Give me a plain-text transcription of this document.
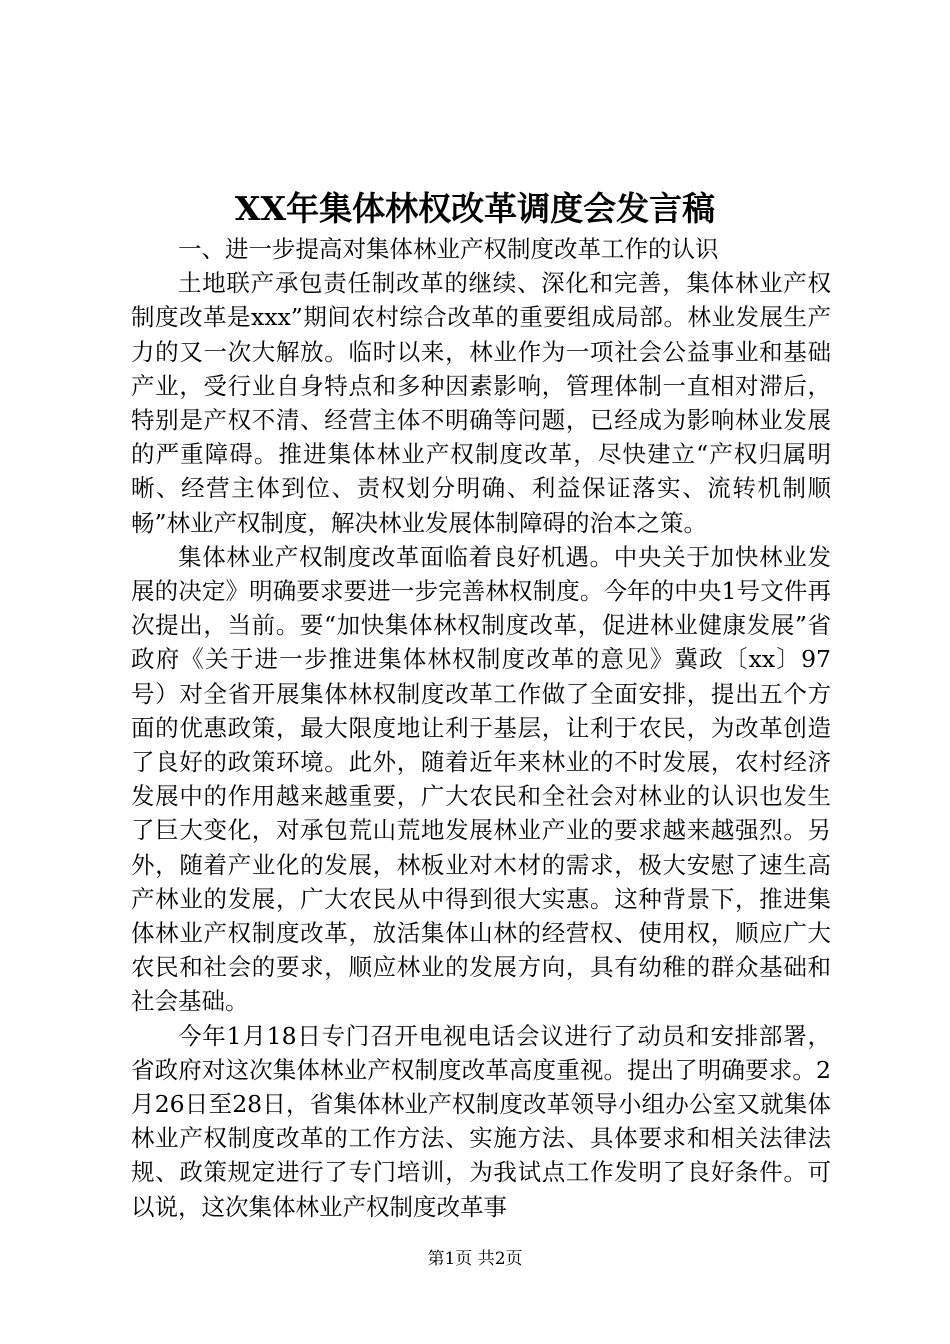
XX年集体林权改革调度会发言稿

一、进一步提高对集体林业产权制度改革工作的认识

土地联产承包责任制改革的继续、深化和完善，集体林业产权制度改革是xxx”期间农村综合改革的重要组成局部。林业发展生产力的又一次大解放。临时以来，林业作为一项社会公益事业和基础产业，受行业自身特点和多种因素影响，管理体制一直相对滞后，特别是产权不清、经营主体不明确等问题，已经成为影响林业发展的严重障碍。推进集体林业产权制度改革，尽快建立“产权归属明晰、经营主体到位、责权划分明确、利益保证落实、流转机制顺畅”林业产权制度，解决林业发展体制障碍的治本之策。

集体林业产权制度改革面临着良好机遇。中央关于加快林业发展的决定》明确要求要进一步完善林权制度。今年的中央1号文件再次提出，当前。要“加快集体林权制度改革，促进林业健康发展”省政府《关于进一步推进集体林权制度改革的意见》冀政〔xx〕97号）对全省开展集体林权制度改革工作做了全面安排，提出五个方面的优惠政策，最大限度地让利于基层，让利于农民，为改革创造了良好的政策环境。此外，随着近年来林业的不时发展，农村经济发展中的作用越来越重要，广大农民和全社会对林业的认识也发生了巨大变化，对承包荒山荒地发展林业产业的要求越来越强烈。另外，随着产业化的发展，林板业对木材的需求，极大安慰了速生高产林业的发展，广大农民从中得到很大实惠。这种背景下，推进集体林业产权制度改革，放活集体山林的经营权、使用权，顺应广大农民和社会的要求，顺应林业的发展方向，具有幼稚的群众基础和社会基础。

今年1月18日专门召开电视电话会议进行了动员和安排部署，省政府对这次集体林业产权制度改革高度重视。提出了明确要求。2月26日至28日，省集体林业产权制度改革领导小组办公室又就集体林业产权制度改革的工作方法、实施方法、具体要求和相关法律法规、政策规定进行了专门培训，为我试点工作发明了良好条件。可以说，这次集体林业产权制度改革事

第1页 共2页
